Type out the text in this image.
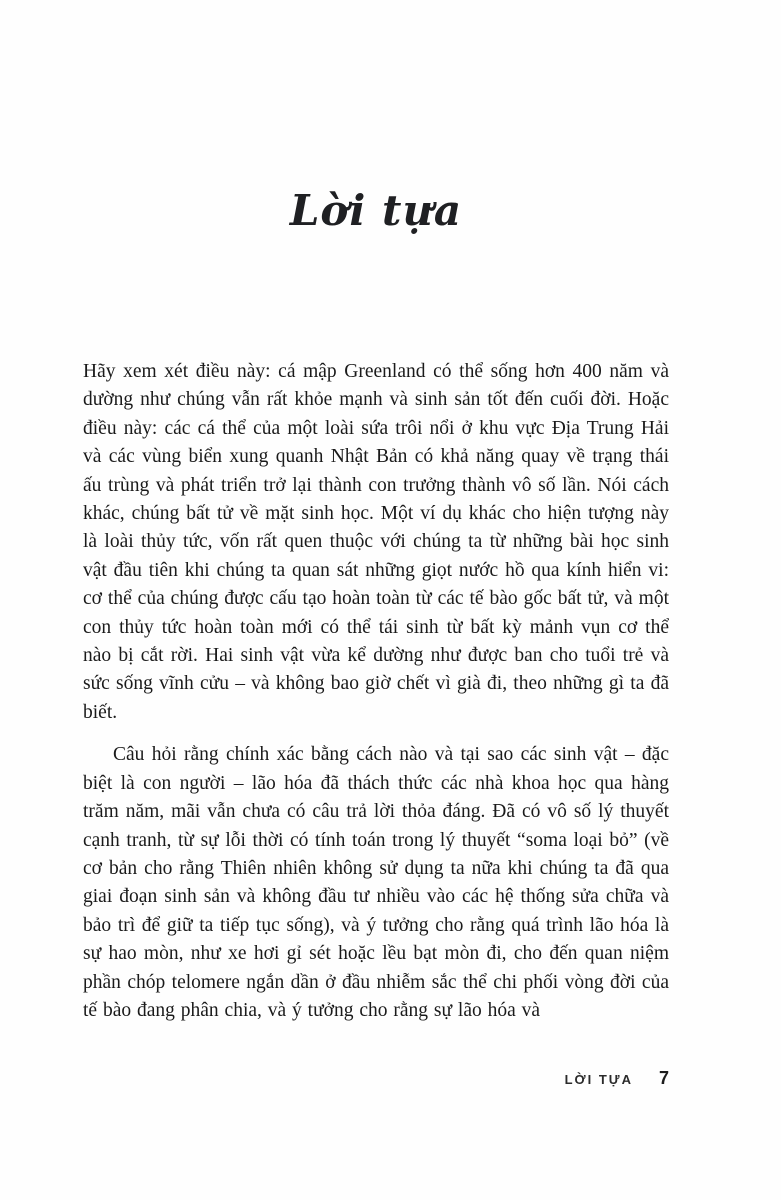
Lời tựa

Hãy xem xét điều này: cá mập Greenland có thể sống hơn 400 năm và dường như chúng vẫn rất khỏe mạnh và sinh sản tốt đến cuối đời. Hoặc điều này: các cá thể của một loài sứa trôi nổi ở khu vực Địa Trung Hải và các vùng biển xung quanh Nhật Bản có khả năng quay về trạng thái ấu trùng và phát triển trở lại thành con trưởng thành vô số lần. Nói cách khác, chúng bất tử về mặt sinh học. Một ví dụ khác cho hiện tượng này là loài thủy tức, vốn rất quen thuộc với chúng ta từ những bài học sinh vật đầu tiên khi chúng ta quan sát những giọt nước hồ qua kính hiển vi: cơ thể của chúng được cấu tạo hoàn toàn từ các tế bào gốc bất tử, và một con thủy tức hoàn toàn mới có thể tái sinh từ bất kỳ mảnh vụn cơ thể nào bị cắt rời. Hai sinh vật vừa kể dường như được ban cho tuổi trẻ và sức sống vĩnh cửu – và không bao giờ chết vì già đi, theo những gì ta đã biết.

Câu hỏi rằng chính xác bằng cách nào và tại sao các sinh vật – đặc biệt là con người – lão hóa đã thách thức các nhà khoa học qua hàng trăm năm, mãi vẫn chưa có câu trả lời thỏa đáng. Đã có vô số lý thuyết cạnh tranh, từ sự lỗi thời có tính toán trong lý thuyết “soma loại bỏ” (về cơ bản cho rằng Thiên nhiên không sử dụng ta nữa khi chúng ta đã qua giai đoạn sinh sản và không đầu tư nhiều vào các hệ thống sửa chữa và bảo trì để giữ ta tiếp tục sống), và ý tưởng cho rằng quá trình lão hóa là sự hao mòn, như xe hơi gỉ sét hoặc lều bạt mòn đi, cho đến quan niệm phần chóp telomere ngắn dần ở đầu nhiễm sắc thể chi phối vòng đời của tế bào đang phân chia, và ý tưởng cho rằng sự lão hóa và

LỜI TỰA 7
